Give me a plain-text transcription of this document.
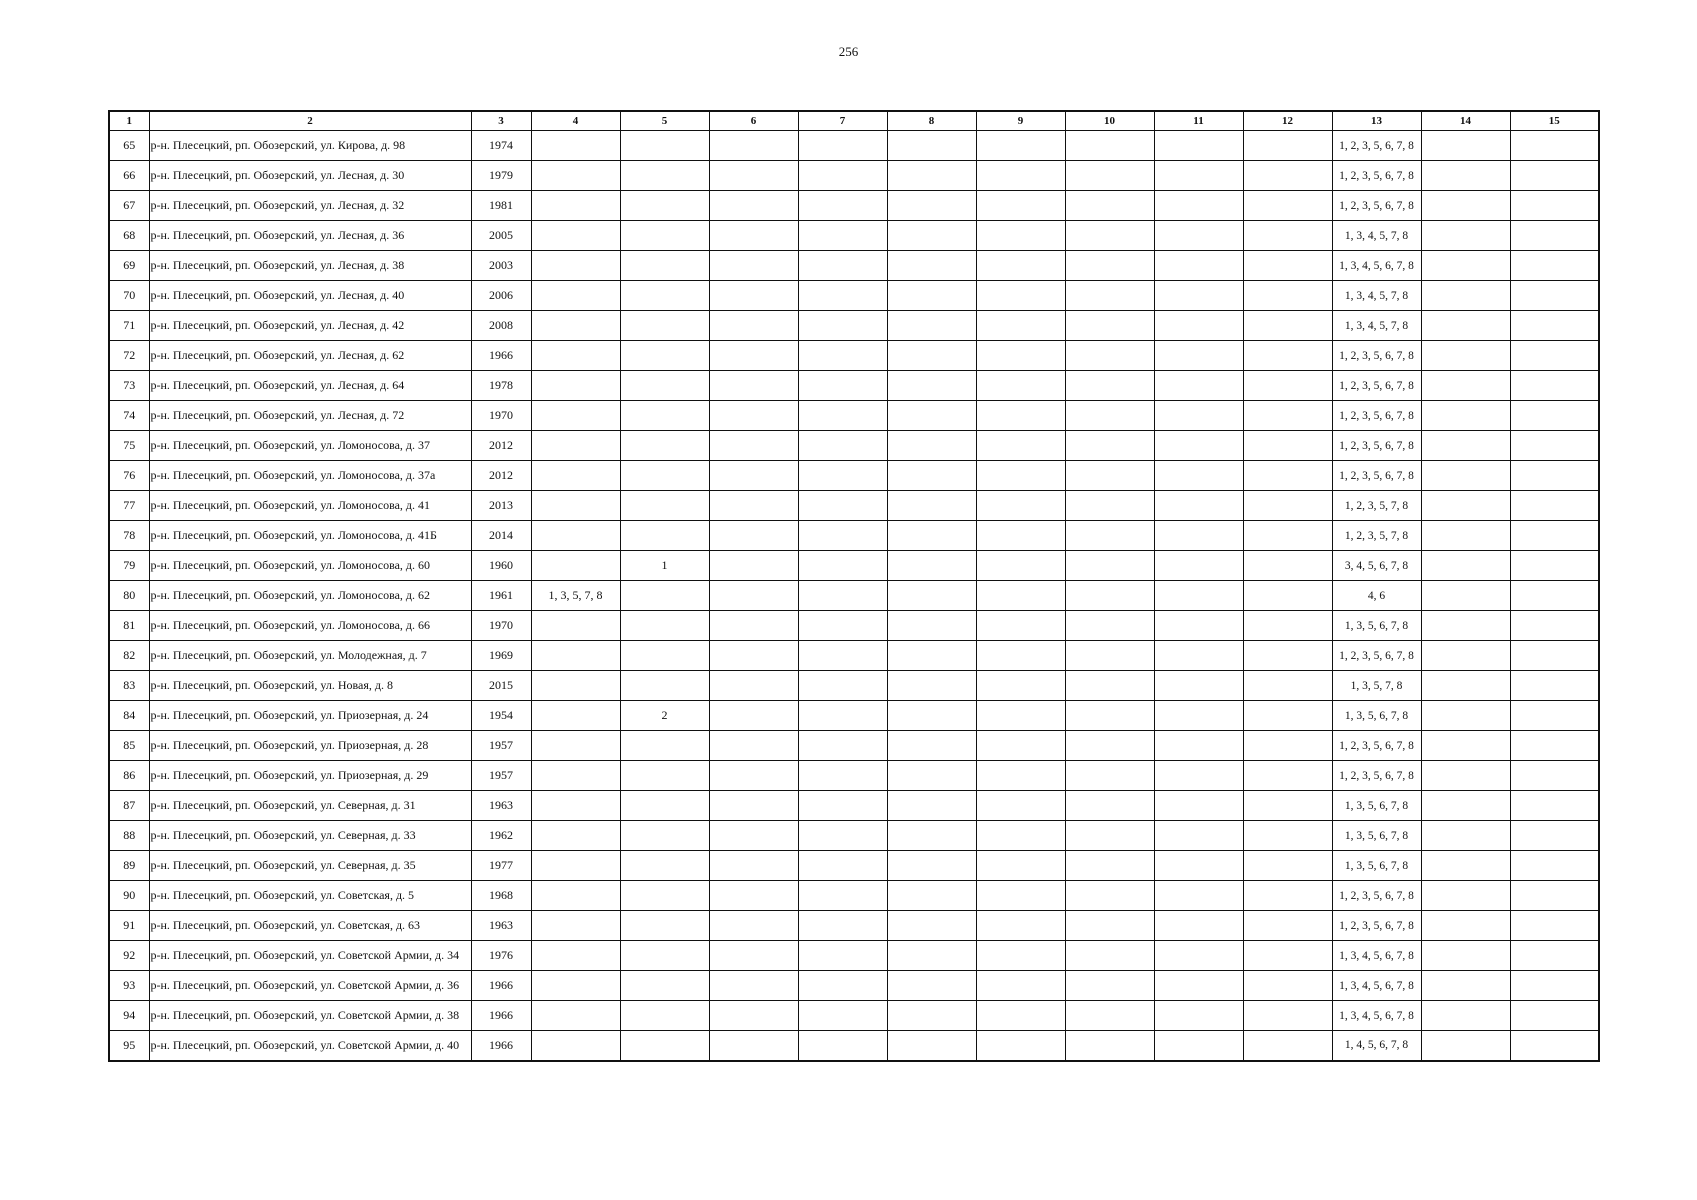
256
1	2	3	4	5	6	7	8	9	10	11	12	13	14	15
65	р-н. Плесецкий, рп. Обозерский, ул. Кирова, д. 98	1974										1, 2, 3, 5, 6, 7, 8		
66	р-н. Плесецкий, рп. Обозерский, ул. Лесная, д. 30	1979										1, 2, 3, 5, 6, 7, 8		
67	р-н. Плесецкий, рп. Обозерский, ул. Лесная, д. 32	1981										1, 2, 3, 5, 6, 7, 8		
68	р-н. Плесецкий, рп. Обозерский, ул. Лесная, д. 36	2005										1, 3, 4, 5, 7, 8		
69	р-н. Плесецкий, рп. Обозерский, ул. Лесная, д. 38	2003										1, 3, 4, 5, 6, 7, 8		
70	р-н. Плесецкий, рп. Обозерский, ул. Лесная, д. 40	2006										1, 3, 4, 5, 7, 8		
71	р-н. Плесецкий, рп. Обозерский, ул. Лесная, д. 42	2008										1, 3, 4, 5, 7, 8		
72	р-н. Плесецкий, рп. Обозерский, ул. Лесная, д. 62	1966										1, 2, 3, 5, 6, 7, 8		
73	р-н. Плесецкий, рп. Обозерский, ул. Лесная, д. 64	1978										1, 2, 3, 5, 6, 7, 8		
74	р-н. Плесецкий, рп. Обозерский, ул. Лесная, д. 72	1970										1, 2, 3, 5, 6, 7, 8		
75	р-н. Плесецкий, рп. Обозерский, ул. Ломоносова, д. 37	2012										1, 2, 3, 5, 6, 7, 8		
76	р-н. Плесецкий, рп. Обозерский, ул. Ломоносова, д. 37а	2012										1, 2, 3, 5, 6, 7, 8		
77	р-н. Плесецкий, рп. Обозерский, ул. Ломоносова, д. 41	2013										1, 2, 3, 5, 7, 8		
78	р-н. Плесецкий, рп. Обозерский, ул. Ломоносова, д. 41Б	2014										1, 2, 3, 5, 7, 8		
79	р-н. Плесецкий, рп. Обозерский, ул. Ломоносова, д. 60	1960		1								3, 4, 5, 6, 7, 8		
80	р-н. Плесецкий, рп. Обозерский, ул. Ломоносова, д. 62	1961	1, 3, 5, 7, 8									4, 6		
81	р-н. Плесецкий, рп. Обозерский, ул. Ломоносова, д. 66	1970										1, 3, 5, 6, 7, 8		
82	р-н. Плесецкий, рп. Обозерский, ул. Молодежная, д. 7	1969										1, 2, 3, 5, 6, 7, 8		
83	р-н. Плесецкий, рп. Обозерский, ул. Новая, д. 8	2015										1, 3, 5, 7, 8		
84	р-н. Плесецкий, рп. Обозерский, ул. Приозерная, д. 24	1954		2								1, 3, 5, 6, 7, 8		
85	р-н. Плесецкий, рп. Обозерский, ул. Приозерная, д. 28	1957										1, 2, 3, 5, 6, 7, 8		
86	р-н. Плесецкий, рп. Обозерский, ул. Приозерная, д. 29	1957										1, 2, 3, 5, 6, 7, 8		
87	р-н. Плесецкий, рп. Обозерский, ул. Северная, д. 31	1963										1, 3, 5, 6, 7, 8		
88	р-н. Плесецкий, рп. Обозерский, ул. Северная, д. 33	1962										1, 3, 5, 6, 7, 8		
89	р-н. Плесецкий, рп. Обозерский, ул. Северная, д. 35	1977										1, 3, 5, 6, 7, 8		
90	р-н. Плесецкий, рп. Обозерский, ул. Советская, д. 5	1968										1, 2, 3, 5, 6, 7, 8		
91	р-н. Плесецкий, рп. Обозерский, ул. Советская, д. 63	1963										1, 2, 3, 5, 6, 7, 8		
92	р-н. Плесецкий, рп. Обозерский, ул. Советской Армии, д. 34	1976										1, 3, 4, 5, 6, 7, 8		
93	р-н. Плесецкий, рп. Обозерский, ул. Советской Армии, д. 36	1966										1, 3, 4, 5, 6, 7, 8		
94	р-н. Плесецкий, рп. Обозерский, ул. Советской Армии, д. 38	1966										1, 3, 4, 5, 6, 7, 8		
95	р-н. Плесецкий, рп. Обозерский, ул. Советской Армии, д. 40	1966										1, 4, 5, 6, 7, 8		
